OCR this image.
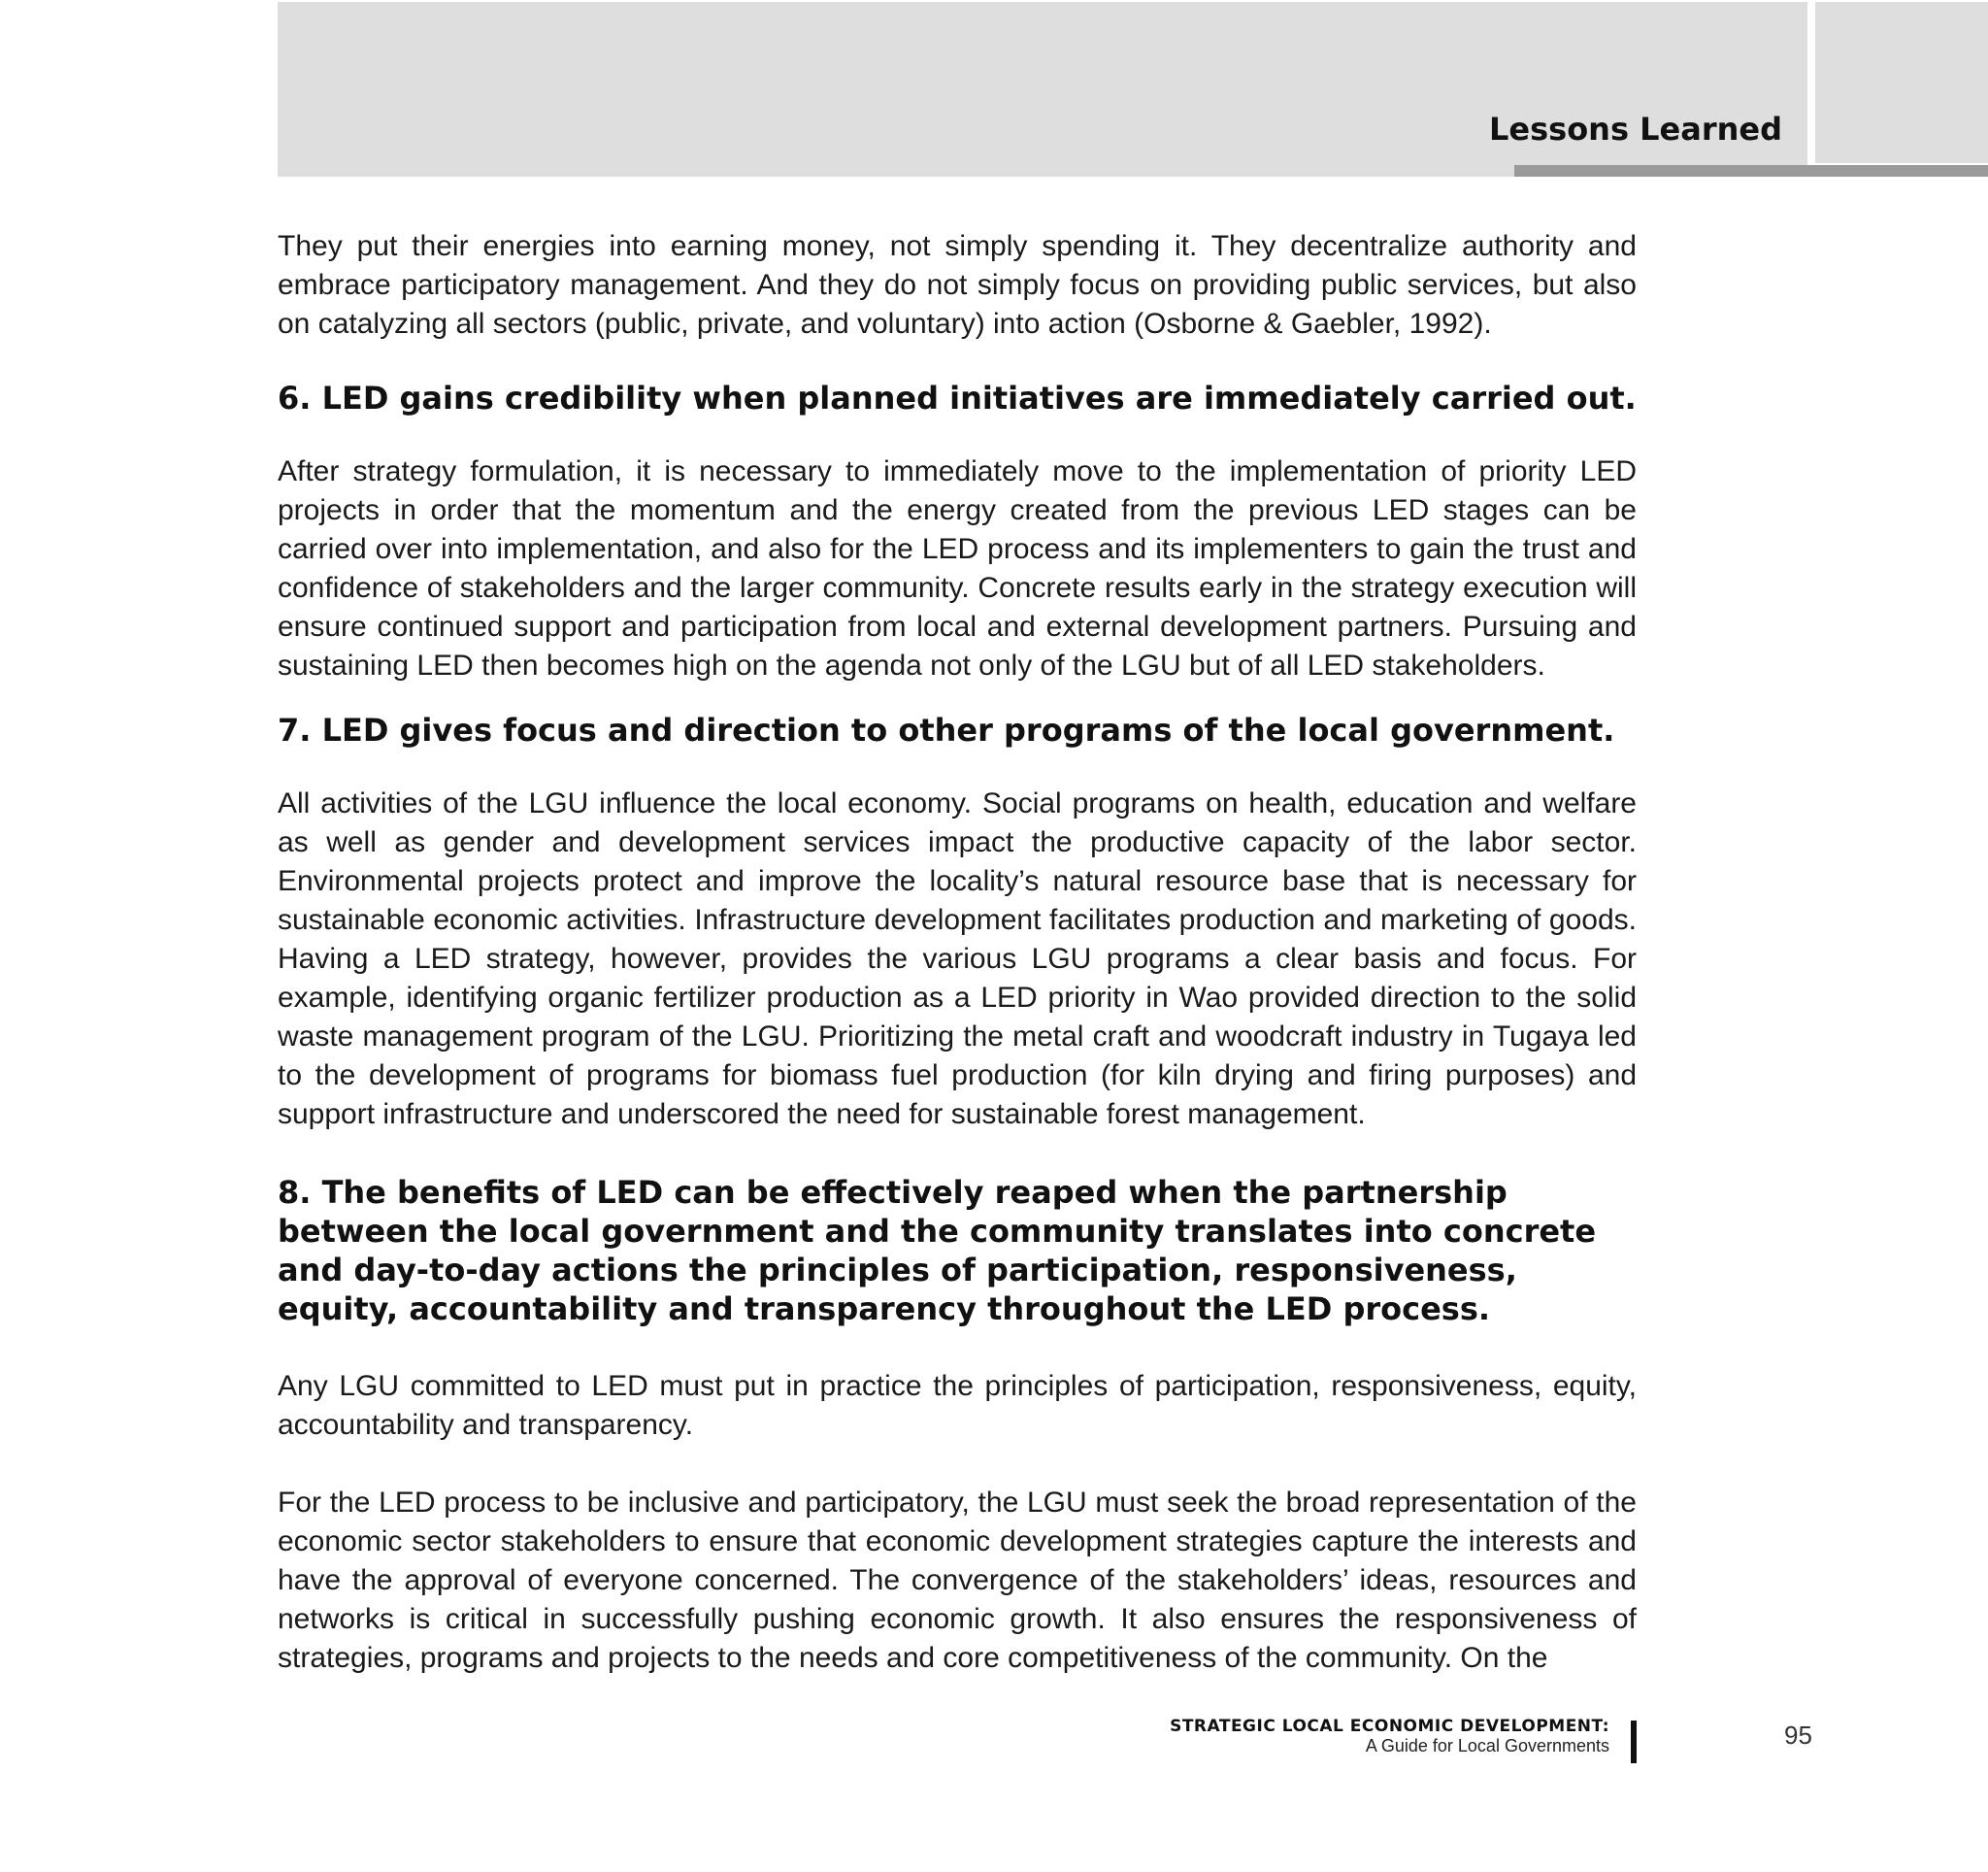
Lessons Learned

They put their energies into earning money, not simply spending it. They decentralize authority and embrace participatory management. And they do not simply focus on providing public services, but also on catalyzing all sectors (public, private, and voluntary) into action (Osborne & Gaebler, 1992).

6. LED gains credibility when planned initiatives are immediately carried out.

After strategy formulation, it is necessary to immediately move to the implementation of priority LED projects in order that the momentum and the energy created from the previous LED stages can be carried over into implementation, and also for the LED process and its implementers to gain the trust and confidence of stakeholders and the larger community. Concrete results early in the strategy execution will ensure continued support and participation from local and external development partners. Pursuing and sustaining LED then becomes high on the agenda not only of the LGU but of all LED stakeholders.

7. LED gives focus and direction to other programs of the local government.

All activities of the LGU influence the local economy. Social programs on health, education and welfare as well as gender and development services impact the productive capacity of the labor sector. Environmental projects protect and improve the locality’s natural resource base that is necessary for sustainable economic activities. Infrastructure development facilitates production and marketing of goods. Having a LED strategy, however, provides the various LGU programs a clear basis and focus. For example, identifying organic fertilizer production as a LED priority in Wao provided direction to the solid waste management program of the LGU. Prioritizing the metal craft and woodcraft industry in Tugaya led to the development of programs for biomass fuel production (for kiln drying and firing purposes) and support infrastructure and underscored the need for sustainable forest management.

8. The benefits of LED can be effectively reaped when the partnership between the local government and the community translates into concrete and day-to-day actions the principles of participation, responsiveness, equity, accountability and transparency throughout the LED process.

Any LGU committed to LED must put in practice the principles of participation, responsiveness, equity, accountability and transparency.

For the LED process to be inclusive and participatory, the LGU must seek the broad representation of the economic sector stakeholders to ensure that economic development strategies capture the interests and have the approval of everyone concerned. The convergence of the stakeholders’ ideas, resources and networks is critical in successfully pushing economic growth. It also ensures the responsiveness of strategies, programs and projects to the needs and core competitiveness of the community. On the

STRATEGIC LOCAL ECONOMIC DEVELOPMENT:
A Guide for Local Governments	95
